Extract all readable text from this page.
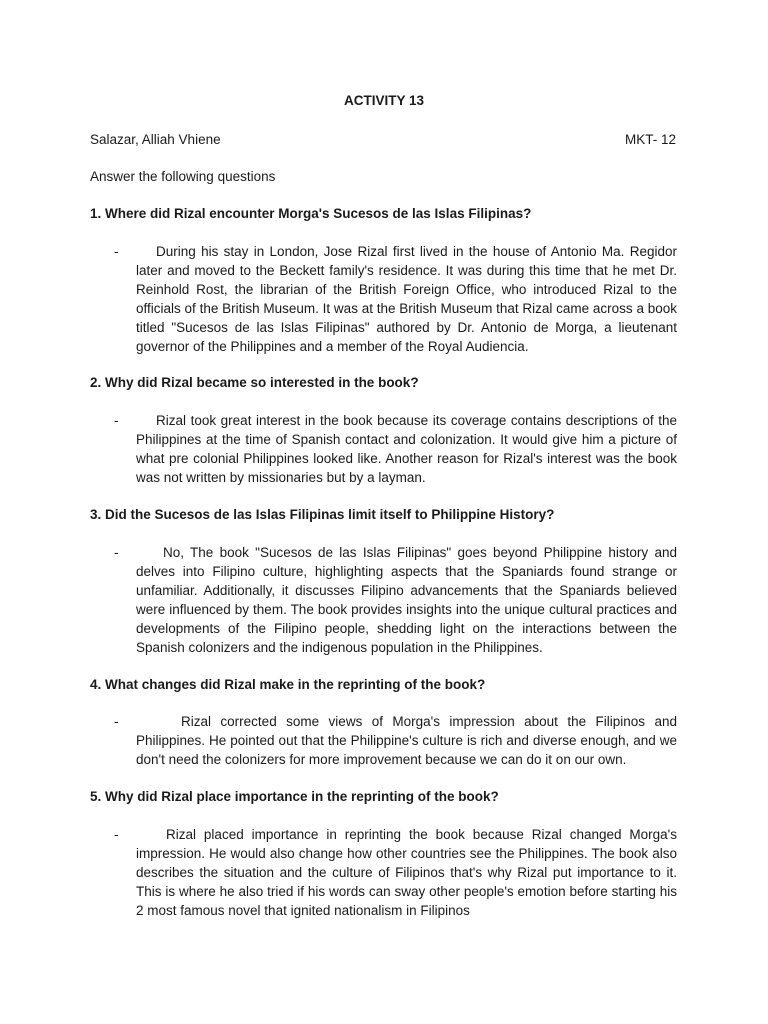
ACTIVITY 13
Salazar, Alliah Vhiene	MKT- 12
Answer the following questions
1. Where did Rizal encounter Morga's Sucesos de las Islas Filipinas?
-	During his stay in London, Jose Rizal first lived in the house of Antonio Ma. Regidor later and moved to the Beckett family's residence. It was during this time that he met Dr. Reinhold Rost, the librarian of the British Foreign Office, who introduced Rizal to the officials of the British Museum. It was at the British Museum that Rizal came across a book titled "Sucesos de las Islas Filipinas" authored by Dr. Antonio de Morga, a lieutenant governor of the Philippines and a member of the Royal Audiencia.
2. Why did Rizal became so interested in the book?
-	Rizal took great interest in the book because its coverage contains descriptions of the Philippines at the time of Spanish contact and colonization. It would give him a picture of what pre colonial Philippines looked like. Another reason for Rizal's interest was the book was not written by missionaries but by a layman.
3. Did the Sucesos de las Islas Filipinas limit itself to Philippine History?
-	No, The book "Sucesos de las Islas Filipinas" goes beyond Philippine history and delves into Filipino culture, highlighting aspects that the Spaniards found strange or unfamiliar. Additionally, it discusses Filipino advancements that the Spaniards believed were influenced by them. The book provides insights into the unique cultural practices and developments of the Filipino people, shedding light on the interactions between the Spanish colonizers and the indigenous population in the Philippines.
4. What changes did Rizal make in the reprinting of the book?
-	Rizal corrected some views of Morga's impression about the Filipinos and Philippines. He pointed out that the Philippine's culture is rich and diverse enough, and we don't need the colonizers for more improvement because we can do it on our own.
5. Why did Rizal place importance in the reprinting of the book?
-	Rizal placed importance in reprinting the book because Rizal changed Morga's impression. He would also change how other countries see the Philippines. The book also describes the situation and the culture of Filipinos that's why Rizal put importance to it. This is where he also tried if his words can sway other people's emotion before starting his 2 most famous novel that ignited nationalism in Filipinos
